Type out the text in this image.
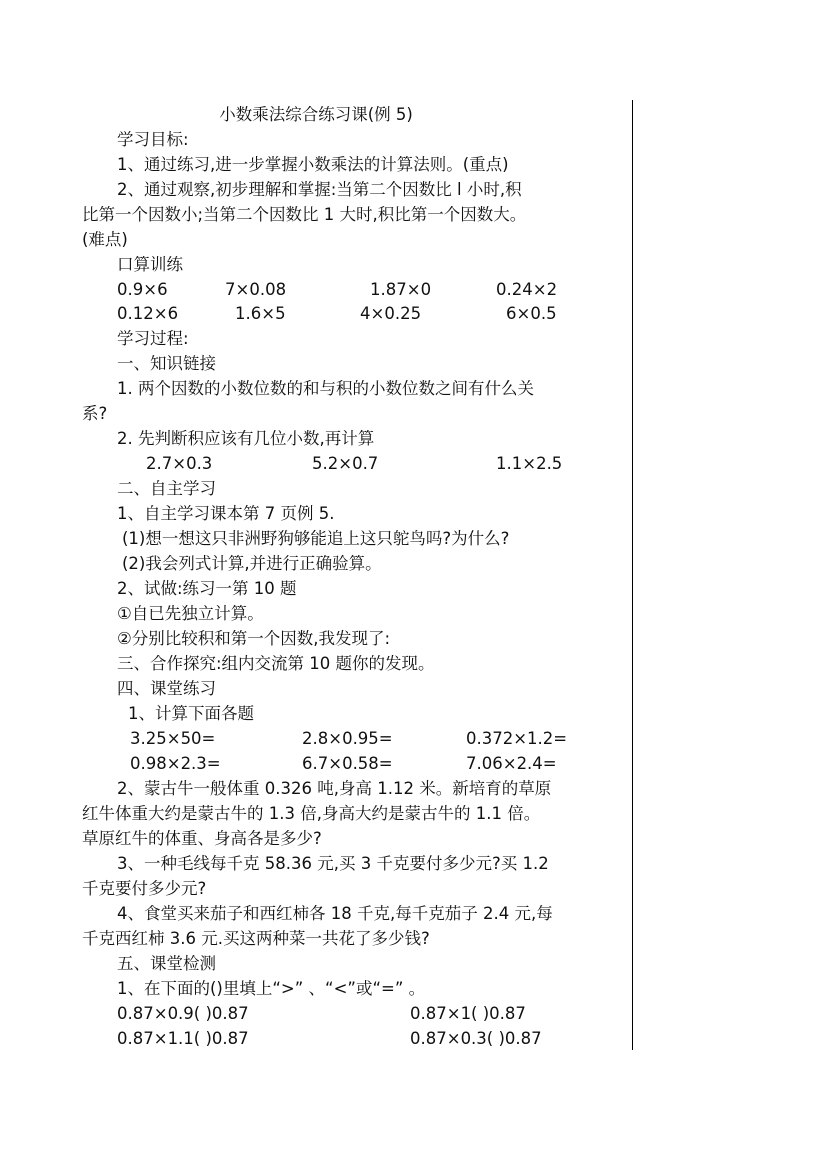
小数乘法综合练习课(例 5)
学习目标:
1、通过练习,进一步掌握小数乘法的计算法则。(重点)
2、通过观察,初步理解和掌握:当第二个因数比 l 小时,积
比第一个因数小;当第二个因数比 1 大时,积比第一个因数大。
(难点)
口算训练
0.9×6	7×0.08	1.87×0	0.24×2
0.12×6	1.6×5	4×0.25	6×0.5
学习过程:
一、知识链接
1. 两个因数的小数位数的和与积的小数位数之间有什么关
系?
2. 先判断积应该有几位小数,再计算
2.7×0.3	5.2×0.7	1.1×2.5
二、自主学习
1、自主学习课本第 7 页例 5.
(1)想一想这只非洲野狗够能追上这只鸵鸟吗?为什么?
(2)我会列式计算,并进行正确验算。
2、试做:练习一第 10 题
①自已先独立计算。
②分别比较积和第一个因数,我发现了:
三、合作探究:组内交流第 10 题你的发现。
四、课堂练习
1、计算下面各题
3.25×50=	2.8×0.95=	0.372×1.2=
0.98×2.3=	6.7×0.58=	7.06×2.4=
2、蒙古牛一般体重 0.326 吨,身高 1.12 米。新培育的草原
红牛体重大约是蒙古牛的 1.3 倍,身高大约是蒙古牛的 1.1 倍。
草原红牛的体重、身高各是多少?
3、一种毛线每千克 58.36 元,买 3 千克要付多少元?买 1.2
千克要付多少元?
4、食堂买来茄子和西红柿各 18 千克,每千克茄子 2.4 元,每
千克西红柿 3.6 元.买这两种菜一共花了多少钱?
五、课堂检测
1、在下面的()里填上“>” 、“<”或“=” 。
0.87×0.9( )0.87	0.87×1( )0.87
0.87×1.1( )0.87	0.87×0.3( )0.87
